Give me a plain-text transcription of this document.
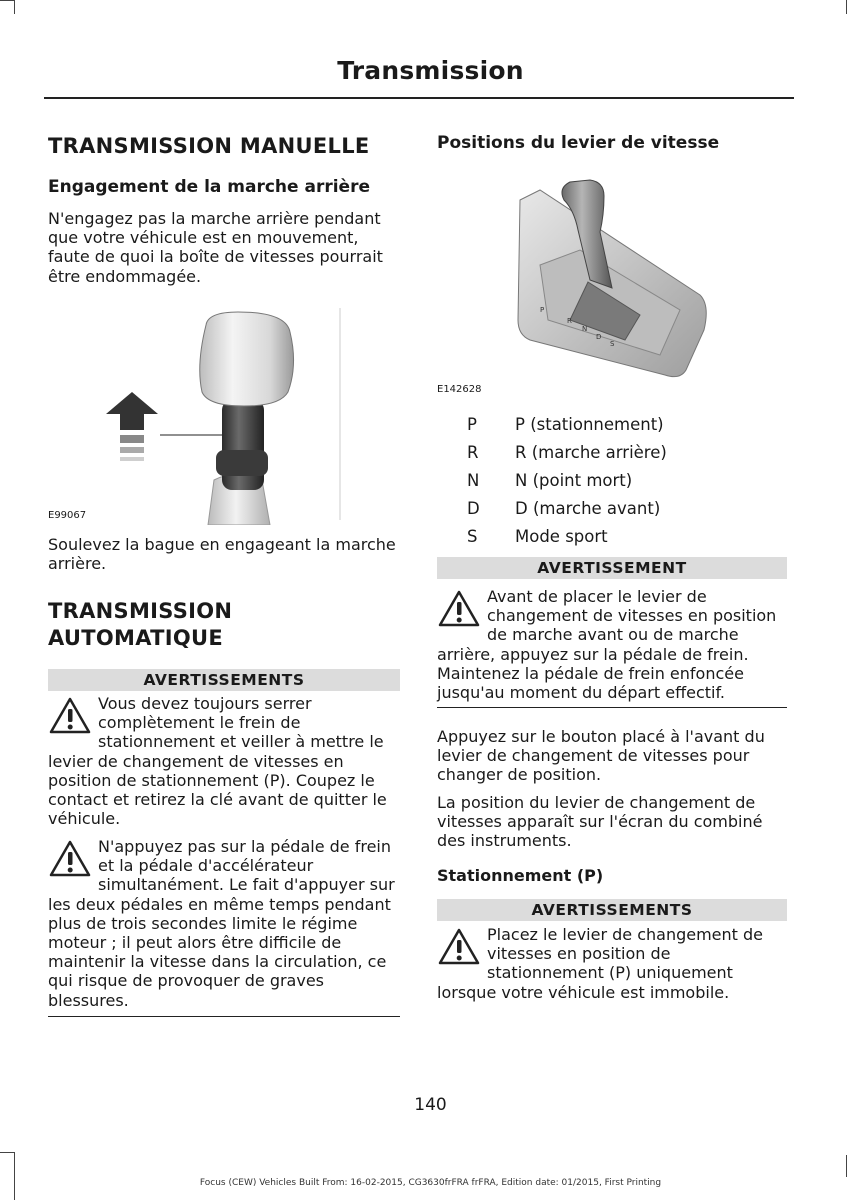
Transmission
TRANSMISSION MANUELLE
Engagement de la marche arrière
N'engagez pas la marche arrière pendant que votre véhicule est en mouvement, faute de quoi la boîte de vitesses pourrait être endommagée.
E99067
Soulevez la bague en engageant la marche arrière.
TRANSMISSION AUTOMATIQUE
AVERTISSEMENTS
Vous devez toujours serrer complètement le frein de stationnement et veiller à mettre le levier de changement de vitesses en position de stationnement (P). Coupez le contact et retirez la clé avant de quitter le véhicule.
N'appuyez pas sur la pédale de frein et la pédale d'accélérateur simultanément. Le fait d'appuyer sur les deux pédales en même temps pendant plus de trois secondes limite le régime moteur ; il peut alors être difficile de maintenir la vitesse dans la circulation, ce qui risque de provoquer de graves blessures.
Positions du levier de vitesse
P
R
N
D
S
E142628
P P (stationnement)
R R (marche arrière)
N N (point mort)
D D (marche avant)
S Mode sport
AVERTISSEMENT
Avant de placer le levier de changement de vitesses en position de marche avant ou de marche arrière, appuyez sur la pédale de frein. Maintenez la pédale de frein enfoncée jusqu'au moment du départ effectif.
Appuyez sur le bouton placé à l'avant du levier de changement de vitesses pour changer de position.
La position du levier de changement de vitesses apparaît sur l'écran du combiné des instruments.
Stationnement (P)
AVERTISSEMENTS
Placez le levier de changement de vitesses en position de stationnement (P) uniquement lorsque votre véhicule est immobile.
140
Focus (CEW) Vehicles Built From: 16-02-2015, CG3630frFRA frFRA, Edition date: 01/2015, First Printing
